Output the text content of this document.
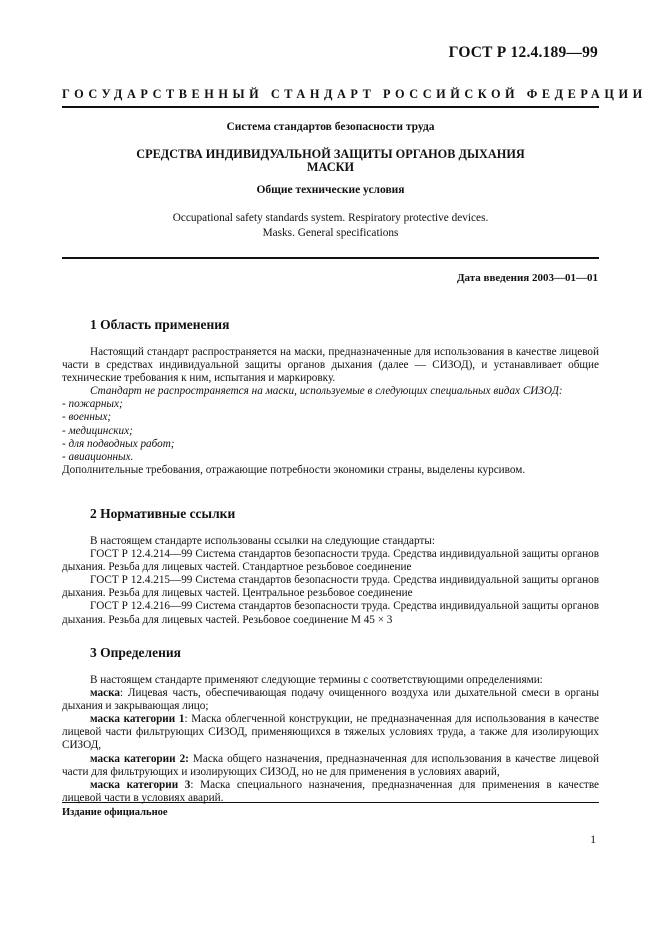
ГОСТ Р 12.4.189—99
ГОСУДАРСТВЕННЫЙ СТАНДАРТ РОССИЙСКОЙ ФЕДЕРАЦИИ
Система стандартов безопасности труда
СРЕДСТВА ИНДИВИДУАЛЬНОЙ ЗАЩИТЫ ОРГАНОВ ДЫХАНИЯ
МАСКИ
Общие технические условия
Occupational safety standards system. Respiratory protective devices.
Masks. General specifications
Дата введения 2003—01—01
1 Область применения

Настоящий стандарт распространяется на маски, предназначенные для использования в качестве лицевой части в средствах индивидуальной защиты органов дыхания (далее — СИЗОД), и устанавливает общие технические требования к ним, испытания и маркировку.

Стандарт не распространяется на маски, используемые в следующих специальных видах СИЗОД:

- пожарных;

- военных;

- медицинских;

- для подводных работ;

- авиационных.

Дополнительные требования, отражающие потребности экономики страны, выделены курсивом.

2 Нормативные ссылки

В настоящем стандарте использованы ссылки на следующие стандарты:

ГОСТ Р 12.4.214—99 Система стандартов безопасности труда. Средства индивидуальной защиты органов дыхания. Резьба для лицевых частей. Стандартное резьбовое соединение

ГОСТ Р 12.4.215—99 Система стандартов безопасности труда. Средства индивидуальной защиты органов дыхания. Резьба для лицевых частей. Центральное резьбовое соединение

ГОСТ Р 12.4.216—99 Система стандартов безопасности труда. Средства индивидуальной защиты органов дыхания. Резьба для лицевых частей. Резьбовое соединение М 45 × 3

3 Определения

В настоящем стандарте применяют следующие термины с соответствующими определениями:

маска: Лицевая часть, обеспечивающая подачу очищенного воздуха или дыхательной смеси в органы дыхания и закрывающая лицо;

маска категории 1: Маска облегченной конструкции, не предназначенная для использования в качестве лицевой части фильтрующих СИЗОД, применяющихся в тяжелых условиях труда, а также для изолирующих СИЗОД,

маска категории 2: Маска общего назначения, предназначенная для использования в качестве лицевой части для фильтрующих и изолирующих СИЗОД, но не для применения в условиях аварий,

маска категории 3: Маска специального назначения, предназначенная для применения в качестве лицевой части в условиях аварий.

Издание официальное
1
